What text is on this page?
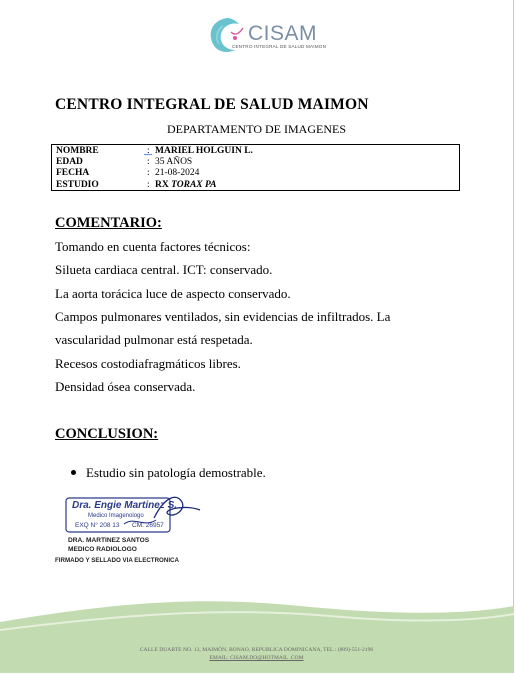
CISAM
CENTRO INTEGRAL DE SALUD MAIMON
CENTRO INTEGRAL DE SALUD MAIMON
DEPARTAMENTO DE IMAGENES
NOMBRE	: MARIEL HOLGUIN L.
EDAD	: 35 AÑOS
FECHA	: 21-08-2024
ESTUDIO	: RX TORAX PA
COMENTARIO:
Tomando en cuenta factores técnicos:
Silueta cardiaca central. ICT: conservado.
La aorta torácica luce de aspecto conservado.
Campos pulmonares ventilados, sin evidencias de infiltrados. La
vascularidad pulmonar está respetada.
Recesos costodiafragmáticos libres.
Densidad ósea conservada.
CONCLUSION:
Estudio sin patología demostrable.
Dra. Engie Martinez S.
Medico Imagenologo
EXQ N° 208 13 CM. 26957
DRA. MARTINEZ SANTOS
MEDICO RADIOLOGO
FIRMADO Y SELLADO VIA ELECTRONICA
CALLE DUARTE NO. 13, MAIMÓN, BONAO, REPUBLICA DOMINICANA, TEL.: (809)-551-2196
EMAIL: CISAM.DO@HOTMAIL .COM
